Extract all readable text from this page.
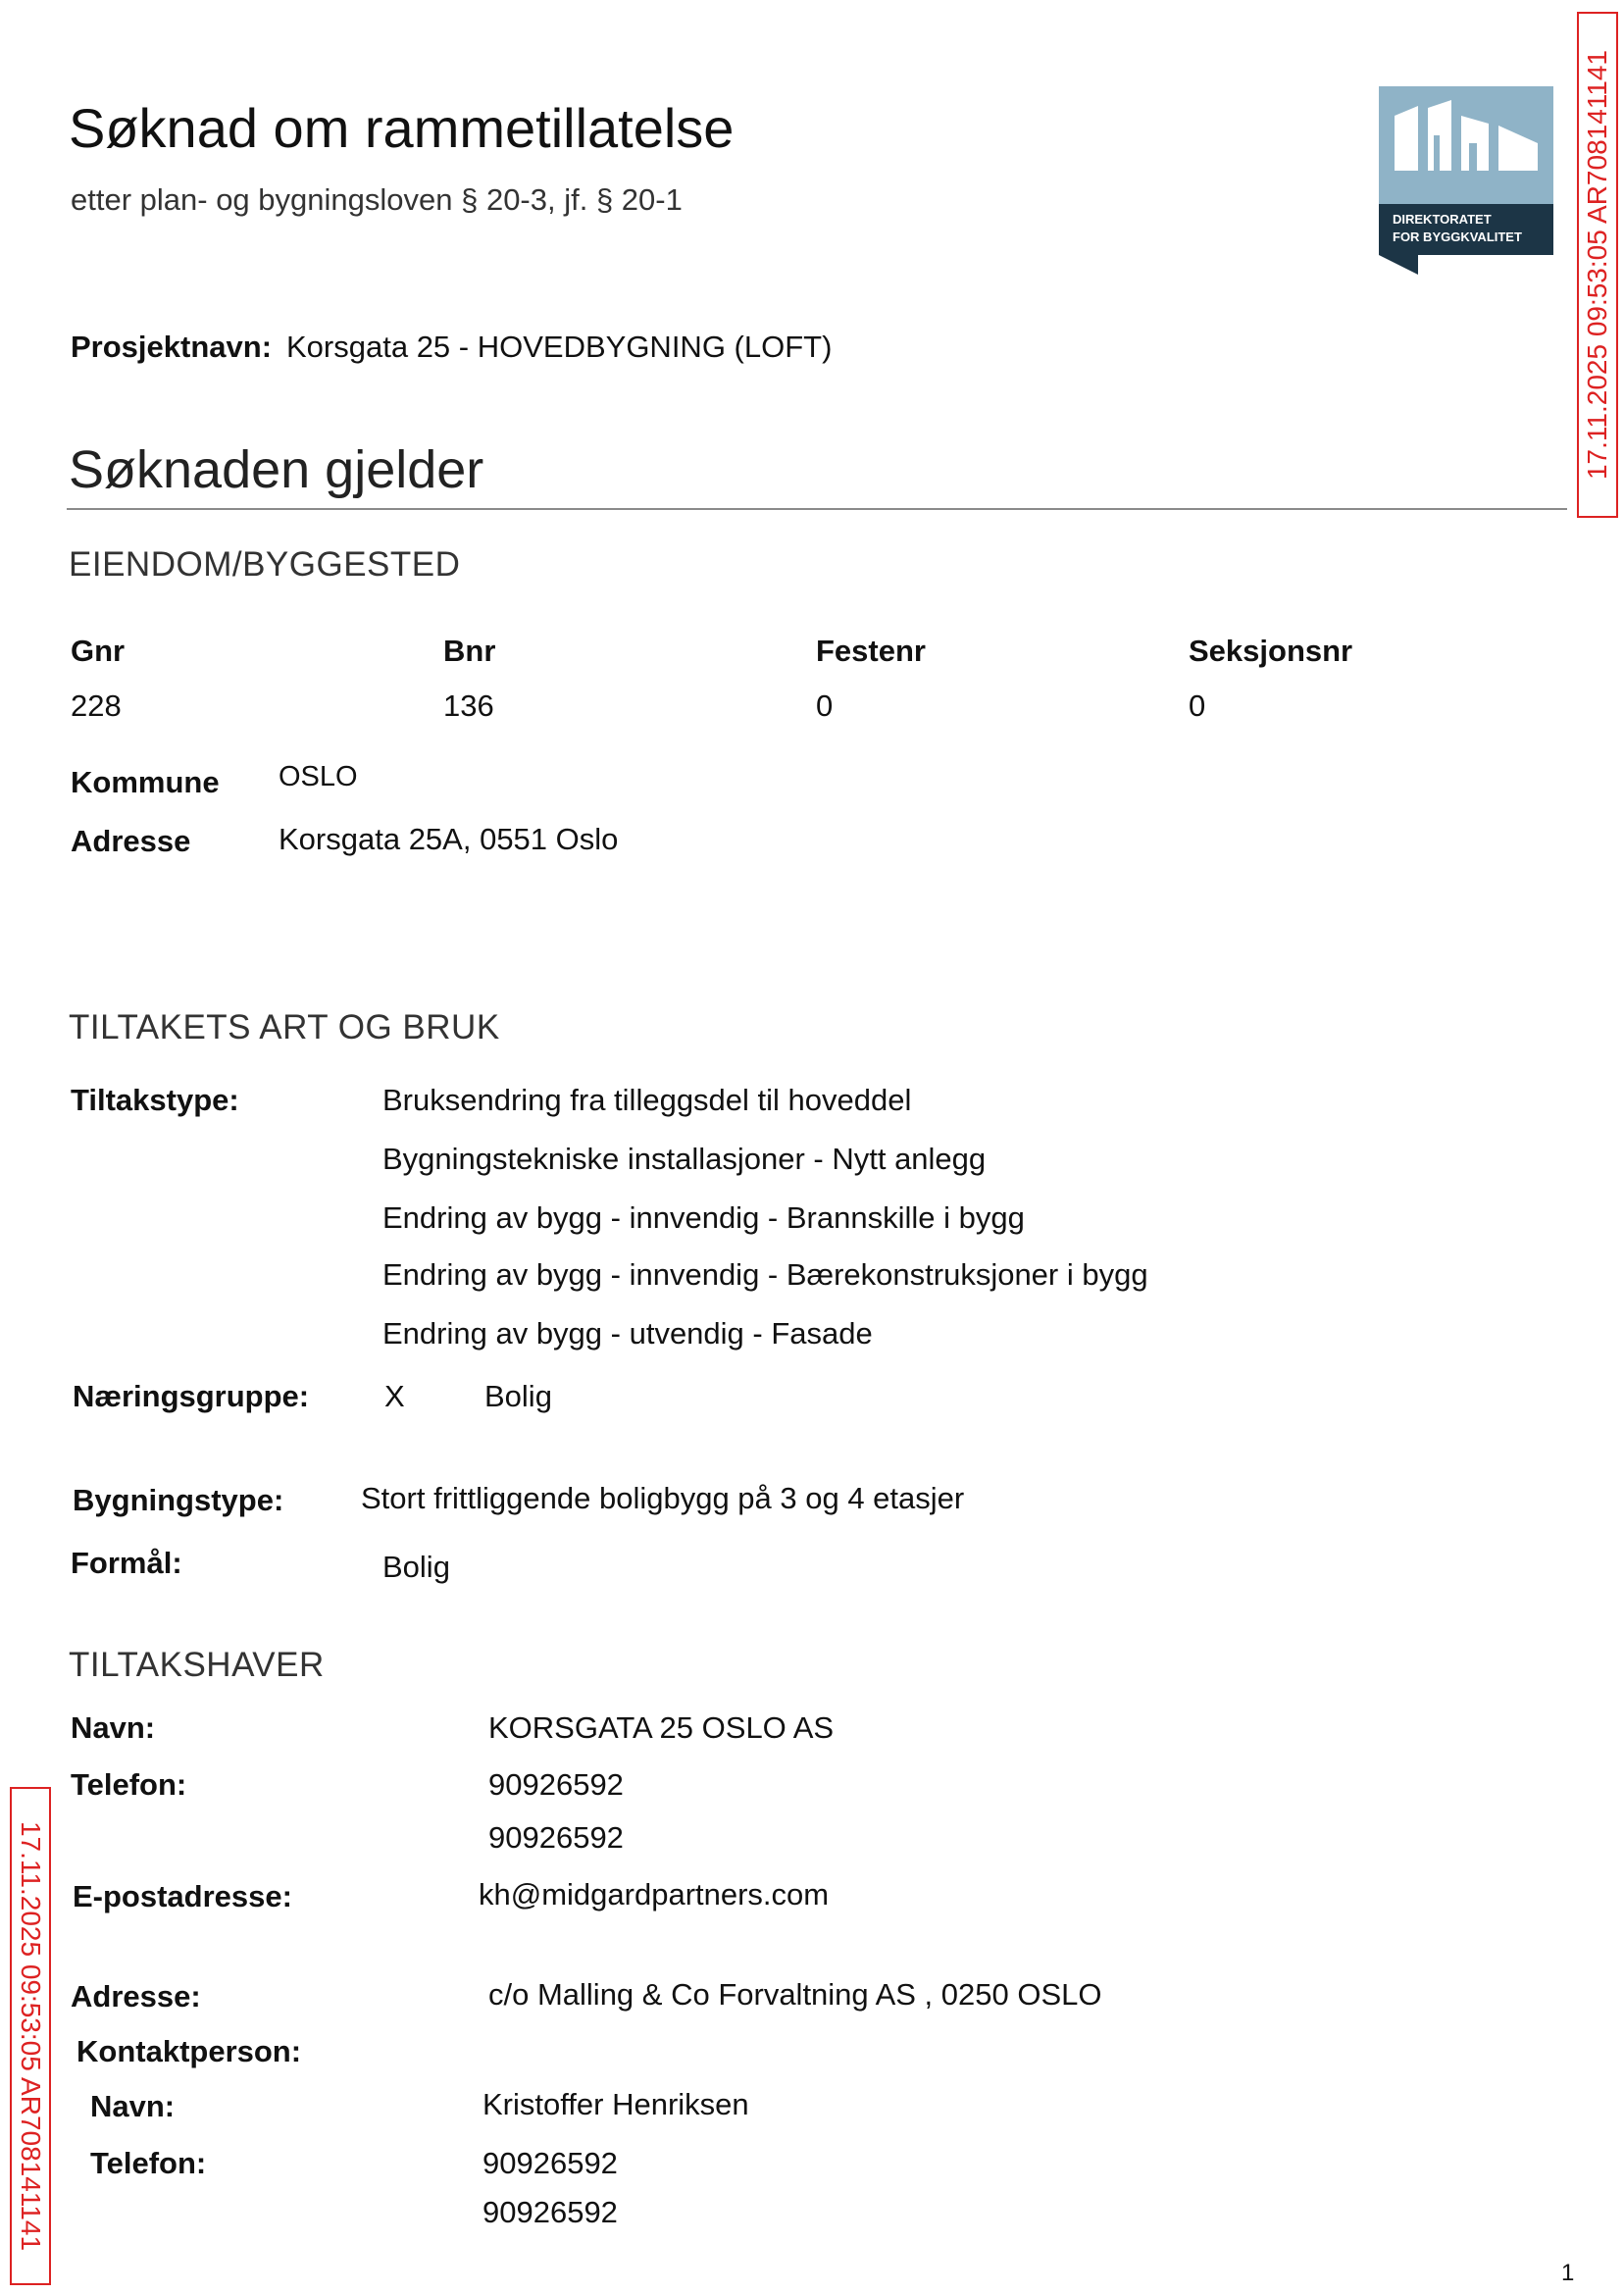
Søknad om rammetillatelse
etter plan- og bygningsloven § 20-3, jf. § 20-1
DIREKTORATET
FOR BYGGKVALITET 17.11.2025 09:53:05 AR708141141
Prosjektnavn: Korsgata 25 - HOVEDBYGNING (LOFT)
Søknaden gjelder
EIENDOM/BYGGESTED
Gnr	Bnr	Festenr	Seksjonsnr
228	136	0	0
Kommune OSLO
Adresse	Korsgata 25A, 0551 Oslo
TILTAKETS ART OG BRUK
Tiltakstype:	Bruksendring fra tilleggsdel til hoveddel
Bygningstekniske installasjoner - Nytt anlegg
Endring av bygg - innvendig - Brannskille i bygg
Endring av bygg - innvendig - Bærekonstruksjoner i bygg
Endring av bygg - utvendig - Fasade
Næringsgruppe: X	Bolig
Bygningstype:	Stort frittliggende boligbygg på 3 og 4 etasjer
Formål:	Bolig
TILTAKSHAVER
Navn:	KORSGATA 25 OSLO AS
Telefon:	90926592
90926592
E-postadresse:	kh@midgardpartners.com
Adresse:	c/o Malling & Co Forvaltning AS , 0250 OSLO
Kontaktperson:
Navn:	Kristoffer Henriksen
Telefon:	90926592
90926592
17.11.2025 09:53:05 AR708141141
1
